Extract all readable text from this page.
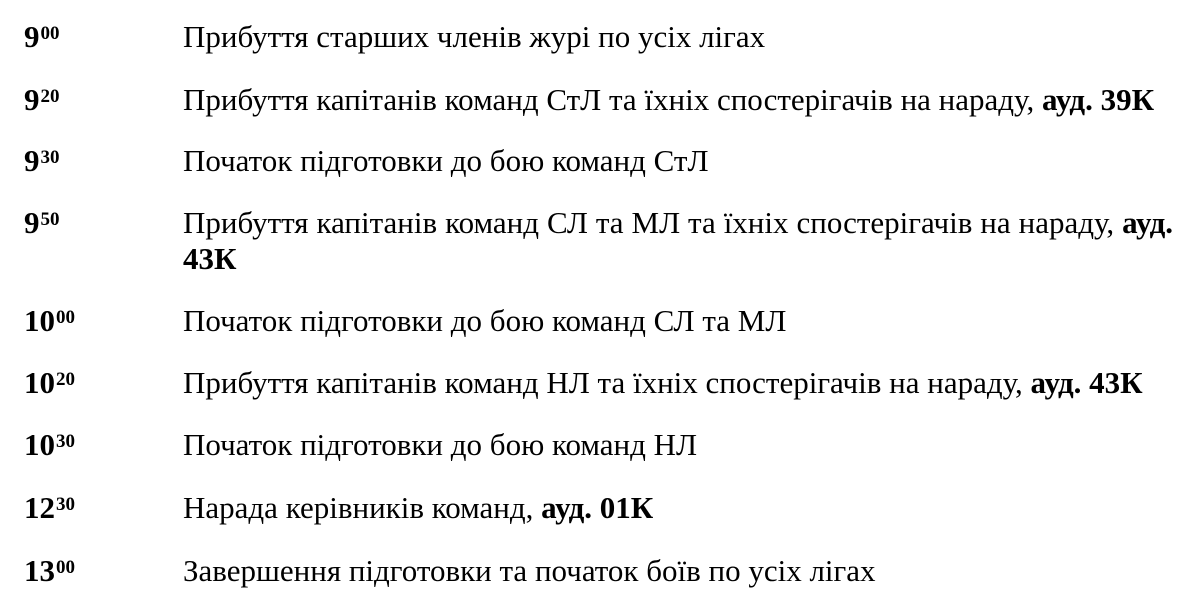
$9^{00}$	Прибуття старших членів журі по усіх лігах
$9^{20}$	Прибуття капітанів команд СтЛ та їхніх спостерігачів на нараду, ауд. 39К
$9^{30}$	Початок підготовки до бою команд СтЛ
$9^{50}$	Прибуття капітанів команд СЛ та МЛ та їхніх спостерігачів на нараду, ауд. 43К
$10^{00}$	Початок підготовки до бою команд СЛ та МЛ
$10^{20}$	Прибуття капітанів команд НЛ та їхніх спостерігачів на нараду, ауд. 43К
$10^{30}$	Початок підготовки до бою команд НЛ
$12^{30}$	Нарада керівників команд, ауд. 01К
$13^{00}$	Завершення підготовки та початок боїв по усіх лігах
